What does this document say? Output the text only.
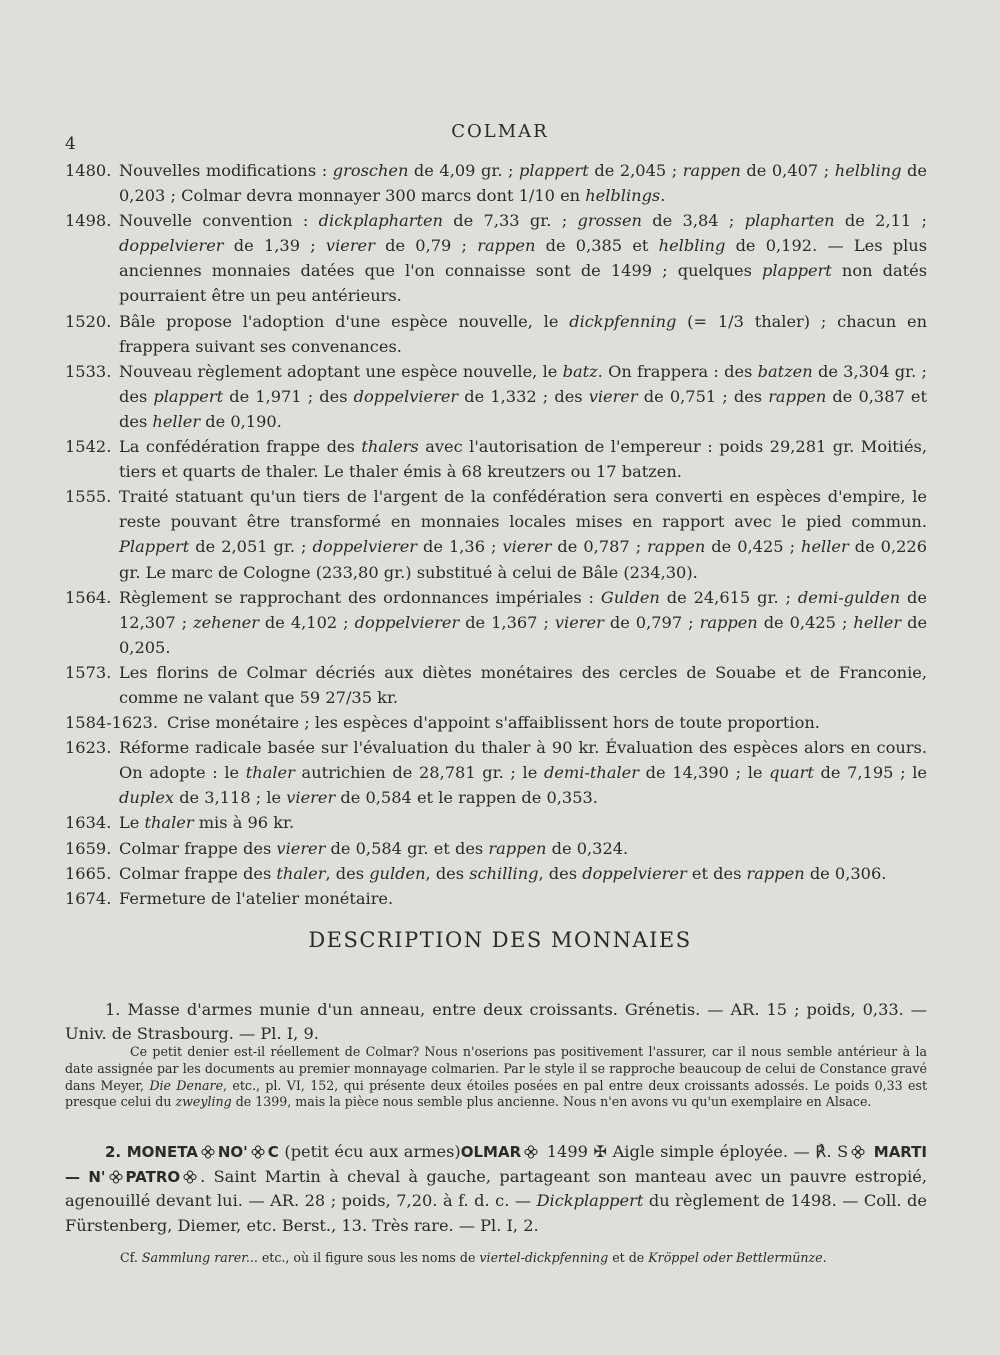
4
COLMAR
1480. Nouvelles modifications : groschen de 4,09 gr. ; plappert de 2,045 ; rappen de 0,407 ; helbling de 0,203 ; Colmar devra monnayer 300 marcs dont 1/10 en helblings.
1498. Nouvelle convention : dickplapharten de 7,33 gr. ; grossen de 3,84 ; plapharten de 2,11 ; doppelvierer de 1,39 ; vierer de 0,79 ; rappen de 0,385 et helbling de 0,192. — Les plus anciennes monnaies datées que l'on connaisse sont de 1499 ; quelques plappert non datés pourraient être un peu antérieurs.
1520. Bâle propose l'adoption d'une espèce nouvelle, le dickpfenning (= 1/3 thaler) ; chacun en frappera suivant ses convenances.
1533. Nouveau règlement adoptant une espèce nouvelle, le batz. On frappera : des batzen de 3,304 gr. ; des plappert de 1,971 ; des doppelvierer de 1,332 ; des vierer de 0,751 ; des rappen de 0,387 et des heller de 0,190.
1542. La confédération frappe des thalers avec l'autorisation de l'empereur : poids 29,281 gr. Moitiés, tiers et quarts de thaler. Le thaler émis à 68 kreutzers ou 17 batzen.
1555. Traité statuant qu'un tiers de l'argent de la confédération sera converti en espèces d'empire, le reste pouvant être transformé en monnaies locales mises en rapport avec le pied commun. Plappert de 2,051 gr. ; doppelvierer de 1,36 ; vierer de 0,787 ; rappen de 0,425 ; heller de 0,226 gr. Le marc de Cologne (233,80 gr.) substitué à celui de Bâle (234,30).
1564. Règlement se rapprochant des ordonnances impériales : Gulden de 24,615 gr. ; demi-gulden de 12,307 ; zehener de 4,102 ; doppelvierer de 1,367 ; vierer de 0,797 ; rappen de 0,425 ; heller de 0,205.
1573. Les florins de Colmar décriés aux diètes monétaires des cercles de Souabe et de Franconie, comme ne valant que 59 27/35 kr.
1584-1623. Crise monétaire ; les espèces d'appoint s'affaiblissent hors de toute proportion.
1623. Réforme radicale basée sur l'évaluation du thaler à 90 kr. Évaluation des espèces alors en cours. On adopte : le thaler autrichien de 28,781 gr. ; le demi-thaler de 14,390 ; le quart de 7,195 ; le duplex de 3,118 ; le vierer de 0,584 et le rappen de 0,353.
1634. Le thaler mis à 96 kr.
1659. Colmar frappe des vierer de 0,584 gr. et des rappen de 0,324.
1665. Colmar frappe des thaler, des gulden, des schilling, des doppelvierer et des rappen de 0,306.
1674. Fermeture de l'atelier monétaire.
DESCRIPTION DES MONNAIES

1. Masse d'armes munie d'un anneau, entre deux croissants. Grénetis. — AR. 15 ; poids, 0,33. — Univ. de Strasbourg. — Pl. I, 9.

Ce petit denier est-il réellement de Colmar? Nous n'oserions pas positivement l'assurer, car il nous semble antérieur à la date assignée par les documents au premier monnayage colmarien. Par le style il se rapproche beaucoup de celui de Constance gravé dans Meyer, Die Denare, etc., pl. VI, 152, qui présente deux étoiles posées en pal entre deux croissants adossés. Le poids 0,33 est presque celui du zweyling de 1399, mais la pièce nous semble plus ancienne. Nous n'en avons vu qu'un exemplaire en Alsace.

2. MONETA NO' C (petit écu aux armes)OLMAR 1499 ✠ Aigle simple éployée. — ℟. S MARTI — N' PATRO . Saint Martin à cheval à gauche, partageant son manteau avec un pauvre estropié, agenouillé devant lui. — AR. 28 ; poids, 7,20. à f. d. c. — Dickplappert du règlement de 1498. — Coll. de Fürstenberg, Diemer, etc. Berst., 13. Très rare. — Pl. I, 2.

Cf. Sammlung rarer... etc., où il figure sous les noms de viertel-dickpfenning et de Kröppel oder Bettlermünze.
